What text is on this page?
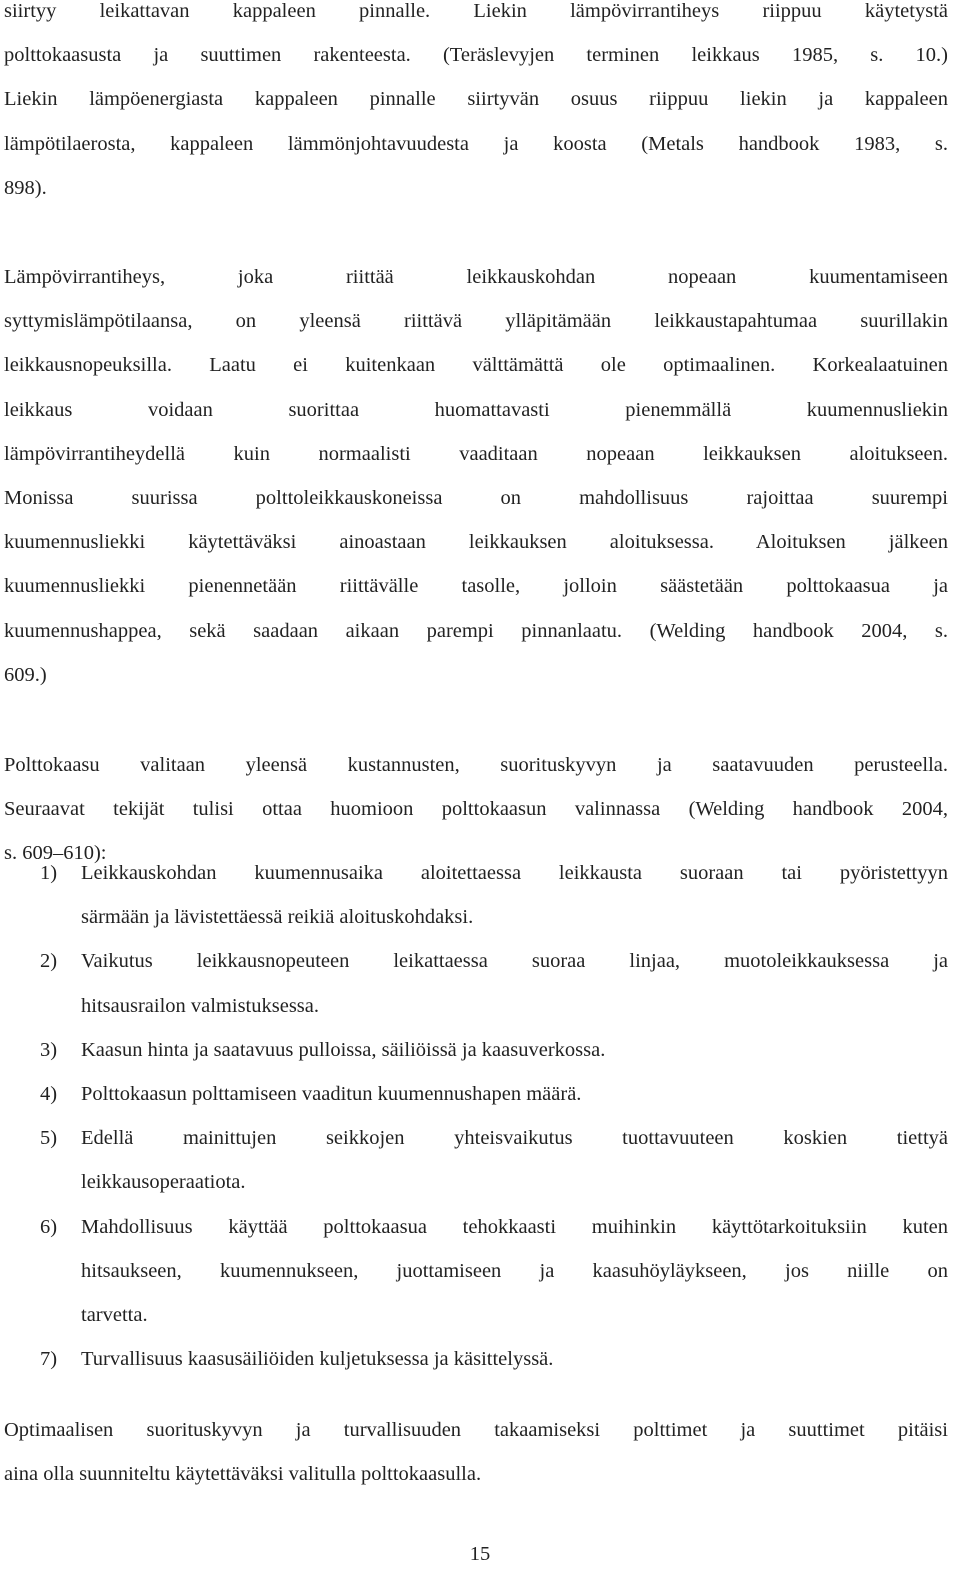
siirtyy leikattavan kappaleen pinnalle. Liekin lämpövirrantiheys riippuu käytetystä
polttokaasusta ja suuttimen rakenteesta. (Teräslevyjen terminen leikkaus 1985, s. 10.)
Liekin lämpöenergiasta kappaleen pinnalle siirtyvän osuus riippuu liekin ja kappaleen
lämpötilaerosta, kappaleen lämmönjohtavuudesta ja koosta (Metals handbook 1983, s.
898).

Lämpövirrantiheys, joka riittää leikkauskohdan nopeaan kuumentamiseen
syttymislämpötilaansa, on yleensä riittävä ylläpitämään leikkaustapahtumaa suurillakin
leikkausnopeuksilla. Laatu ei kuitenkaan välttämättä ole optimaalinen. Korkealaatuinen
leikkaus voidaan suorittaa huomattavasti pienemmällä kuumennusliekin
lämpövirrantiheydellä kuin normaalisti vaaditaan nopeaan leikkauksen aloitukseen.
Monissa suurissa polttoleikkauskoneissa on mahdollisuus rajoittaa suurempi
kuumennusliekki käytettäväksi ainoastaan leikkauksen aloituksessa. Aloituksen jälkeen
kuumennusliekki pienennetään riittävälle tasolle, jolloin säästetään polttokaasua ja
kuumennushappea, sekä saadaan aikaan parempi pinnanlaatu. (Welding handbook 2004, s.
609.)

Polttokaasu valitaan yleensä kustannusten, suorituskyvyn ja saatavuuden perusteella.
Seuraavat tekijät tulisi ottaa huomioon polttokaasun valinnassa (Welding handbook 2004,
s. 609–610):

1) Leikkauskohdan kuumennusaika aloitettaessa leikkausta suoraan tai pyöristettyyn
särmään ja lävistettäessä reikiä aloituskohdaksi.
2) Vaikutus leikkausnopeuteen leikattaessa suoraa linjaa, muotoleikkauksessa ja
hitsausrailon valmistuksessa.
3) Kaasun hinta ja saatavuus pulloissa, säiliöissä ja kaasuverkossa.
4) Polttokaasun polttamiseen vaaditun kuumennushapen määrä.
5) Edellä mainittujen seikkojen yhteisvaikutus tuottavuuteen koskien tiettyä
leikkausoperaatiota.
6) Mahdollisuus käyttää polttokaasua tehokkaasti muihinkin käyttötarkoituksiin kuten
hitsaukseen, kuumennukseen, juottamiseen ja kaasuhöyläykseen, jos niille on
tarvetta.
7) Turvallisuus kaasusäiliöiden kuljetuksessa ja käsittelyssä.

Optimaalisen suorituskyvyn ja turvallisuuden takaamiseksi polttimet ja suuttimet pitäisi
aina olla suunniteltu käytettäväksi valitulla polttokaasulla.

15
